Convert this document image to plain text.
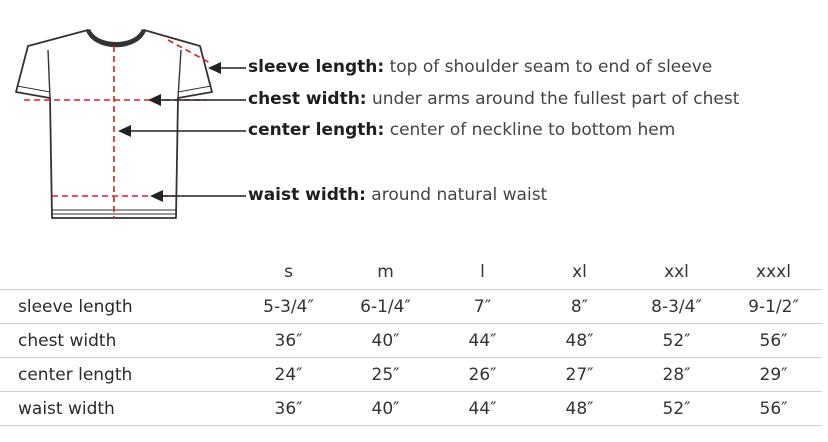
sleeve length: top of shoulder seam to end of sleeve
chest width: under arms around the fullest part of chest
center length: center of neckline to bottom hem
waist width: around natural waist
	s	m	l	xl	xxl	xxxl
sleeve length	5-3/4″	6-1/4″	7″	8″	8-3/4″	9-1/2″
chest width	36″	40″	44″	48″	52″	56″
center length	24″	25″	26″	27″	28″	29″
waist width	36″	40″	44″	48″	52″	56″
